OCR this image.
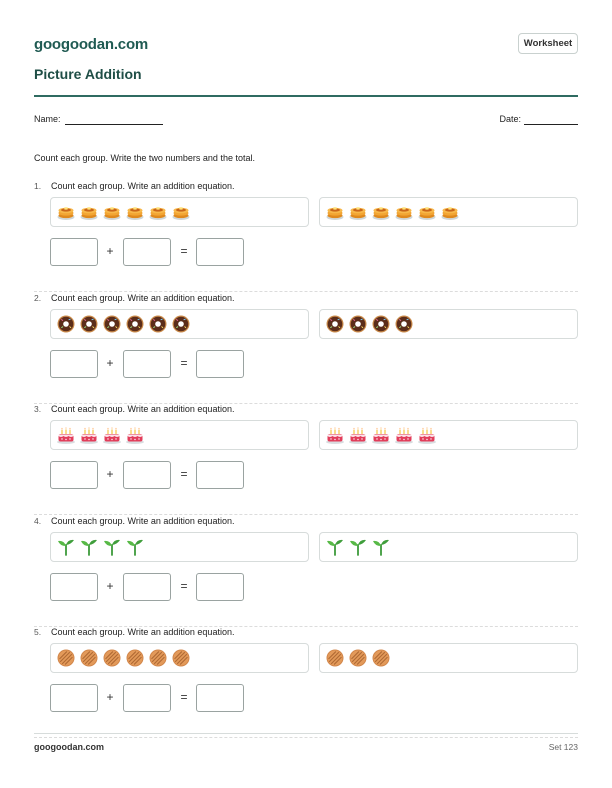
googoodan.com	Worksheet
Picture Addition
Name:	Date:
Count each group. Write the two numbers and the total.
1. Count each group. Write an addition equation.
+	=
2. Count each group. Write an addition equation.
+	=
3. Count each group. Write an addition equation.
+	=
4. Count each group. Write an addition equation.
+	=
5. Count each group. Write an addition equation.
+	=
googoodan.com	Set 123
